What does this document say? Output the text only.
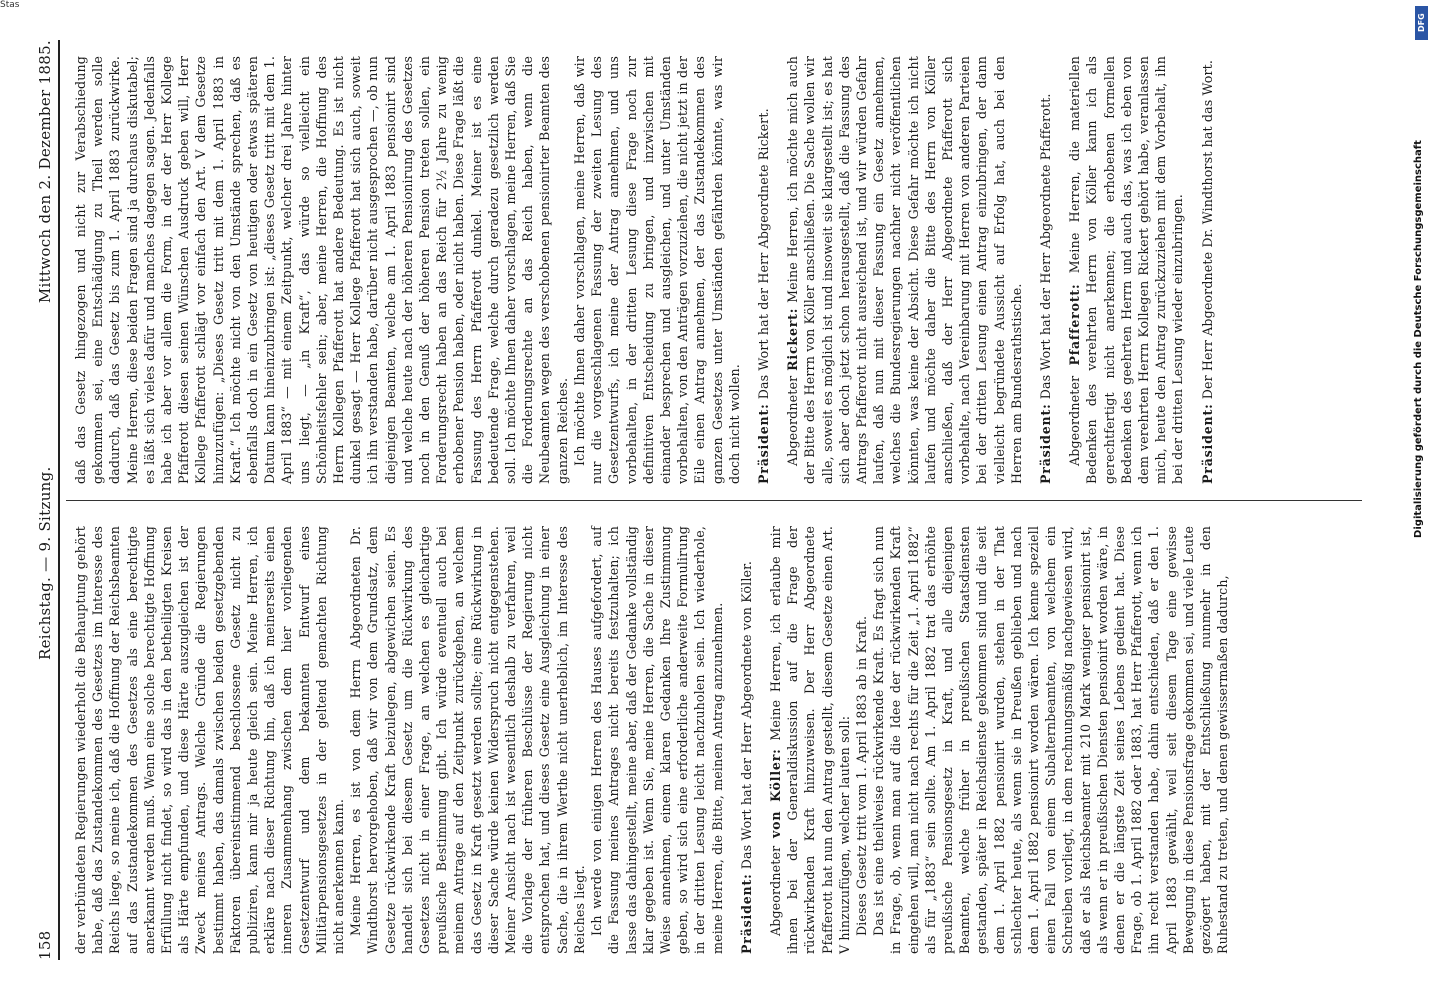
158
Reichstag. — 9. Sitzung.
Mittwoch den 2. Dezember 1885.

der verbündeten Regierungen wiederholt die Behauptung gehört habe, daß das Zustandekommen des Gesetzes im Interesse des Reichs liege, so meine ich, daß die Hoffnung der Reichsbeamten auf das Zustandekommen des Gesetzes als eine berechtigte anerkannt werden muß. Wenn eine solche berechtigte Hoffnung Erfüllung nicht findet, so wird das in den betheiligten Kreisen als Härte empfunden, und diese Härte auszugleichen ist der Zweck meines Antrags. Welche Gründe die Regierungen bestimmt haben, das damals zwischen beiden gesetzgebenden Faktoren übereinstimmend beschlossene Gesetz nicht zu publiziren, kann mir ja heute gleich sein. Meine Herren, ich erkläre nach dieser Richtung hin, daß ich meinerseits einen inneren Zusammenhang zwischen dem hier vorliegenden Gesetzentwurf und dem bekannten Entwurf eines Militärpensionsgesetzes in der geltend gemachten Richtung nicht anerkennen kann. Meine Herren, es ist von dem Herrn Abgeordneten Dr. Windthorst hervorgehoben, daß wir von dem Grundsatz, dem Gesetze rückwirkende Kraft beizulegen, abgewichen seien. Es handelt sich bei diesem Gesetz um die Rückwirkung des Gesetzes nicht in einer Frage, an welchen es gleichartige preußische Bestimmung gibt. Ich würde eventuell auch bei meinem Antrage auf den Zeitpunkt zurückgehen, an welchem das Gesetz in Kraft gesetzt werden sollte; eine Rückwirkung in dieser Sache würde keinen Widerspruch nicht entgegenstehen. Meiner Ansicht nach ist wesentlich deshalb zu verfahren, weil die Vorlage der früheren Beschlüsse der Regierung nicht entsprochen hat, und dieses Gesetz eine Ausgleichung in einer Sache, die in ihrem Werthe nicht unerheblich, im Interesse des Reiches liegt. Ich werde von einigen Herren des Hauses aufgefordert, auf die Fassung meines Antrages nicht bereits festzuhalten; ich lasse das dahingestellt, meine aber, daß der Gedanke vollständig klar gegeben ist. Wenn Sie, meine Herren, die Sache in dieser Weise annehmen, einem klaren Gedanken Ihre Zustimmung geben, so wird sich eine erforderliche anderweite Formulirung in der dritten Lesung leicht nachzuholen sein. Ich wiederhole, meine Herren, die Bitte, meinen Antrag anzunehmen. Präsident: Das Wort hat der Herr Abgeordnete von Köller.

Abgeordneter von Köller: Meine Herren, ich erlaube mir ihnen bei der Generaldiskussion auf die Frage der rückwirkenden Kraft hinzuweisen. Der Herr Abgeordnete Pfafferott hat nun den Antrag gestellt, diesem Gesetze einen Art. V hinzuzufügen, welcher lauten soll: Dieses Gesetz tritt vom 1. April 1883 ab in Kraft. Das ist eine theilweise rückwirkende Kraft. Es fragt sich nun in Frage, ob, wenn man auf die Idee der rückwirkenden Kraft eingehen will, man nicht nach rechts für die Zeit „1. April 1882“ als für „1883“ sein sollte. Am 1. April 1882 trat das erhöhte preußische Pensionsgesetz in Kraft, und alle diejenigen Beamten, welche früher in preußischen Staatsdiensten gestanden, später in Reichsdienste gekommen sind und die seit dem 1. April 1882 pensionirt wurden, stehen in der That schlechter heute, als wenn sie in Preußen geblieben und nach dem 1. April 1882 pensionirt worden wären. Ich kenne speziell einen Fall von einem Subalternbeamten, von welchem ein Schreiben vorliegt, in dem rechnungsmäßig nachgewiesen wird, daß er als Reichsbeamter mit 210 Mark weniger pensionirt ist, als wenn er in preußischen Diensten pensionirt worden wäre, in denen er die längste Zeit seines Lebens gedient hat. Diese Frage, ob 1. April 1882 oder 1883, hat Herr Pfafferott, wenn ich ihn recht verstanden habe, dahin entschieden, daß er den 1. April 1883 gewählt, weil seit diesem Tage eine gewisse Bewegung in diese Pensionsfrage gekommen sei, und viele Leute gezögert haben, mit der Entschließung nunmehr in den Ruhestand zu treten, und denen gewissermaßen dadurch,

daß das Gesetz hingezogen und nicht zur Verabschiedung gekommen sei, eine Entschädigung zu Theil werden solle dadurch, daß das Gesetz bis zum 1. April 1883 zurückwirke. Meine Herren, diese beiden Fragen sind ja durchaus diskutabel; es läßt sich vieles dafür und manches dagegen sagen. Jedenfalls habe ich aber vor allem die Form, in der der Herr Kollege Pfafferott diesen seinen Wünschen Ausdruck geben will, Herr Kollege Pfafferott schlägt vor einfach den Art. V dem Gesetze hinzuzufügen: „Dieses Gesetz tritt mit dem 1. April 1883 in Kraft.“ Ich möchte nicht von den Umstände sprechen, daß es ebenfalls doch in ein Gesetz von heutigen oder etwas späteren Datum kann hineinzubringen ist: „dieses Gesetz tritt mit dem 1. April 1883“ — mit einem Zeitpunkt, welcher drei Jahre hinter uns liegt, — „in Kraft“, das würde so vielleicht ein Schönheitsfehler sein; aber, meine Herren, die Hoffnung des Herrn Kollegen Pfafferott hat andere Bedeutung. Es ist nicht dunkel gesagt — Herr Kollege Pfafferott hat sich auch, soweit ich ihn verstanden habe, darüber nicht ausgesprochen —, ob nun diejenigen Beamten, welche am 1. April 1883 pensionirt sind und welche heute nach der höheren Pensionirung des Gesetzes noch in den Genuß der höheren Pension treten sollen, ein Forderungsrecht haben an das Reich für 2½ Jahre zu wenig erhobener Pension haben, oder nicht haben. Diese Frage läßt die Fassung des Herrn Pfafferott dunkel. Meiner ist es eine bedeutende Frage, welche durch geradezu gesetzlich werden soll. Ich möchte Ihnen daher vorschlagen, meine Herren, daß Sie die Forderungsrechte an das Reich haben, wenn die Neubeamten wegen des verschobenen pensionirter Beamten des ganzen Reiches. Ich möchte Ihnen daher vorschlagen, meine Herren, daß wir nur die vorgeschlagenen Fassung der zweiten Lesung des Gesetzentwurfs, ich meine der Antrag annehmen, und uns vorbehalten, in der dritten Lesung diese Frage noch zur definitiven Entscheidung zu bringen, und inzwischen mit einander besprechen und ausgleichen, und unter Umständen vorbehalten, von den Anträgen vorzuziehen, die nicht jetzt in der Eile einen Antrag annehmen, der das Zustandekommen des ganzen Gesetzes unter Umständen gefährden könnte, was wir doch nicht wollen. Präsident: Das Wort hat der Herr Abgeordnete Rickert.

Abgeordneter Rickert: Meine Herren, ich möchte mich auch der Bitte des Herrn von Köller anschließen. Die Sache wollen wir alle, soweit es möglich ist und insoweit sie klargestellt ist; es hat sich aber doch jetzt schon herausgestellt, daß die Fassung des Antrags Pfafferott nicht ausreichend ist, und wir würden Gefahr laufen, daß nun mit dieser Fassung ein Gesetz annehmen, welches die Bundesregierungen nachher nicht veröffentlichen könnten, was keine der Absicht. Diese Gefahr möchte ich nicht laufen und möchte daher die Bitte des Herrn von Köller anschließen, daß der Herr Abgeordnete Pfafferott sich vorbehalte, nach Vereinbarung mit Herren von anderen Parteien bei der dritten Lesung einen Antrag einzubringen, der dann vielleicht begründete Aussicht auf Erfolg hat, auch bei den Herren am Bundesrathstische. Präsident: Das Wort hat der Herr Abgeordnete Pfafferott.

Abgeordneter Pfafferott: Meine Herren, die materiellen Bedenken des verehrten Herrn von Köller kann ich als gerechtfertigt nicht anerkennen; die erhobenen formellen Bedenken des geehrten Herrn und auch das, was ich eben von dem verehrten Herrn Kollegen Rickert gehört habe, veranlassen mich, heute den Antrag zurückzuziehen mit dem Vorbehalt, ihn bei der dritten Lesung wieder einzubringen. Präsident: Der Herr Abgeordnete Dr. Windthorst hat das Wort.	Digitalisierung gefördert durch die Deutsche Forschungsgemeinschaft
DFG
Stas
